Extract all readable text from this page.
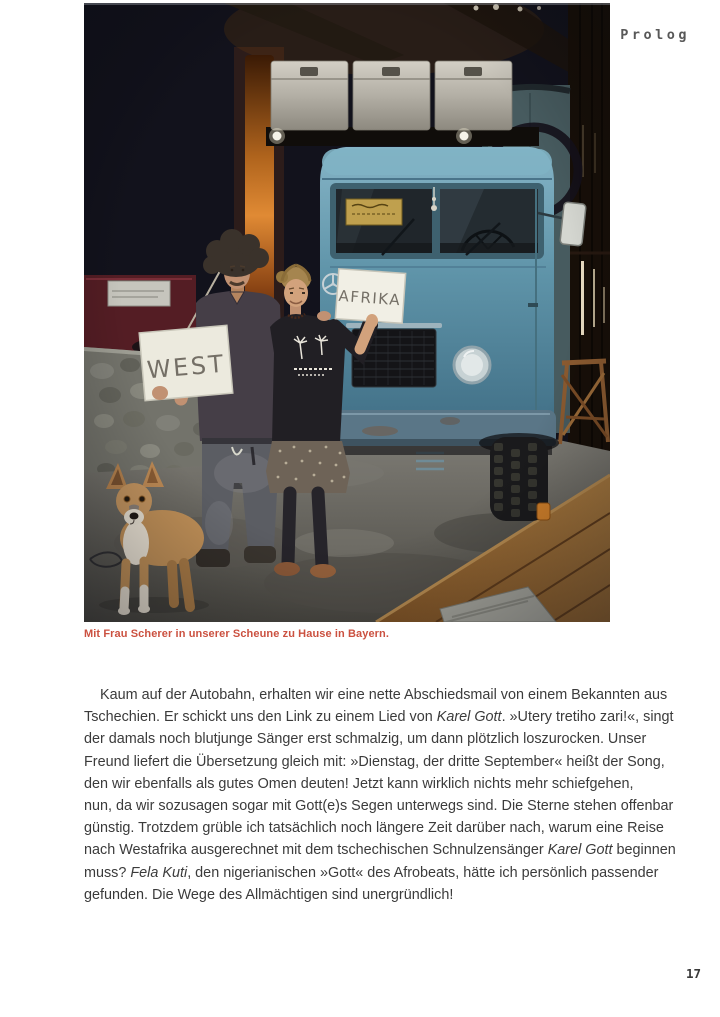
Prolog
Mit Frau Scherer in unserer Scheune zu Hause in Bayern.
Kaum auf der Autobahn, erhalten wir eine nette Abschiedsmail von einem Bekannten aus
Tschechien. Er schickt uns den Link zu einem Lied von Karel Gott. »Utery tretiho zari!«, singt
der damals noch blutjunge Sänger erst schmalzig, um dann plötzlich loszurocken. Unser
Freund liefert die Übersetzung gleich mit: »Dienstag, der dritte September« heißt der Song,
den wir ebenfalls als gutes Omen deuten! Jetzt kann wirklich nichts mehr schiefgehen,
nun, da wir sozusagen sogar mit Gott(e)s Segen unterwegs sind. Die Sterne stehen offenbar
günstig. Trotzdem grüble ich tatsächlich noch längere Zeit darüber nach, warum eine Reise
nach Westafrika ausgerechnet mit dem tschechischen Schnulzensänger Karel Gott beginnen
muss? Fela Kuti, den nigerianischen »Gott« des Afrobeats, hätte ich persönlich passender
gefunden. Die Wege des Allmächtigen sind unergründlich!
17
